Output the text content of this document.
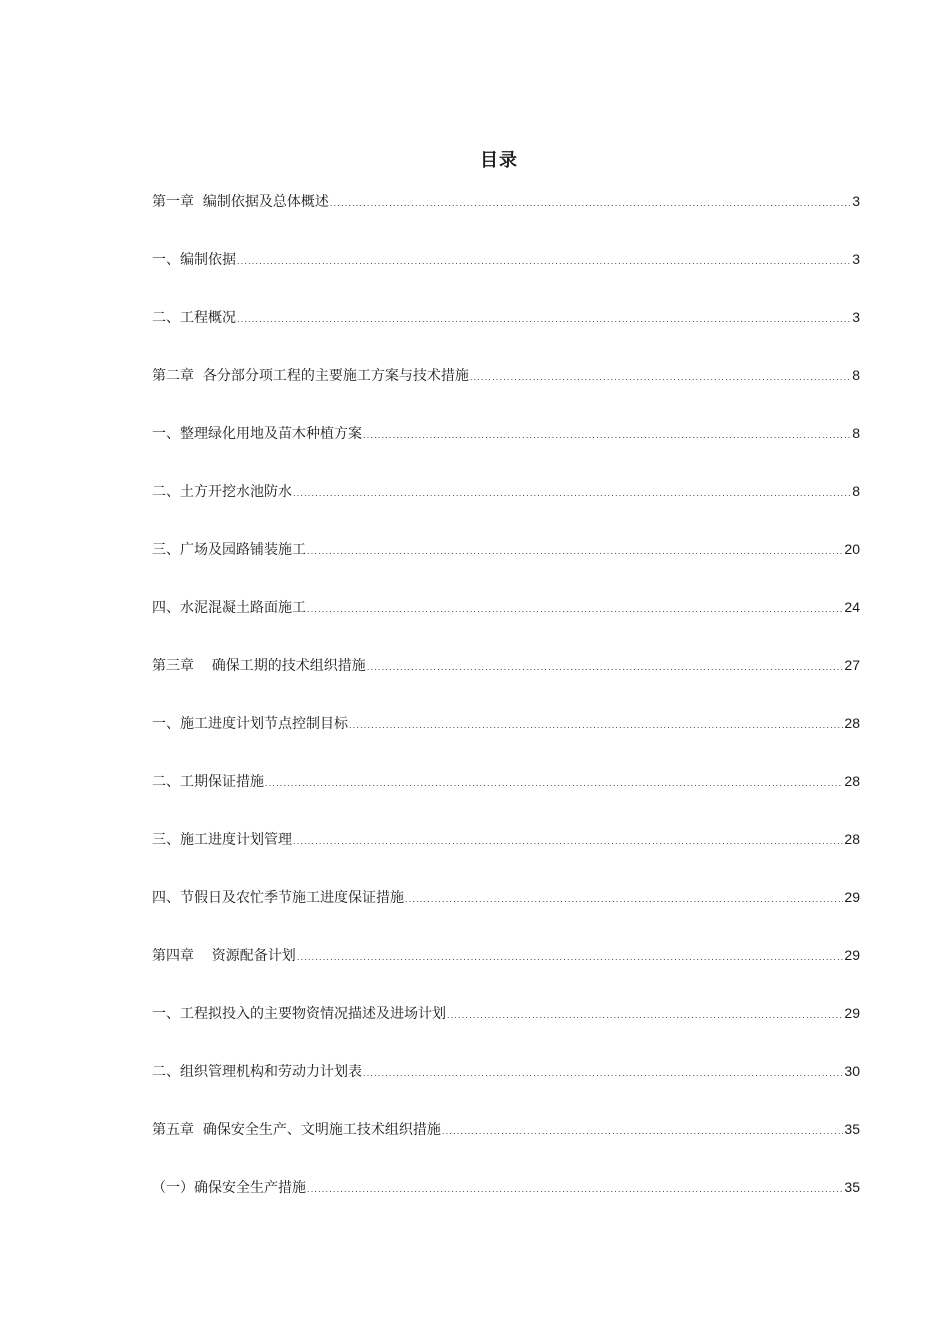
目录
第一章  编制依据及总体概述 .....	3
一、编制依据 .....	3
二、工程概况 .....	3
第二章  各分部分项工程的主要施工方案与技术措施 .....	8
一、整理绿化用地及苗木种植方案 .....	8
二、土方开挖水池防水 .....	8
三、广场及园路铺装施工 .....	20
四、水泥混凝土路面施工 .....	24
第三章    确保工期的技术组织措施 .....	27
一、施工进度计划节点控制目标 .....	28
二、工期保证措施 .....	28
三、施工进度计划管理 .....	28
四、节假日及农忙季节施工进度保证措施 .....	29
第四章    资源配备计划 .....	29
一、工程拟投入的主要物资情况描述及进场计划 .....	29
二、组织管理机构和劳动力计划表 .....	30
第五章  确保安全生产、文明施工技术组织措施 .....	35
（一）确保安全生产措施 .....	35
